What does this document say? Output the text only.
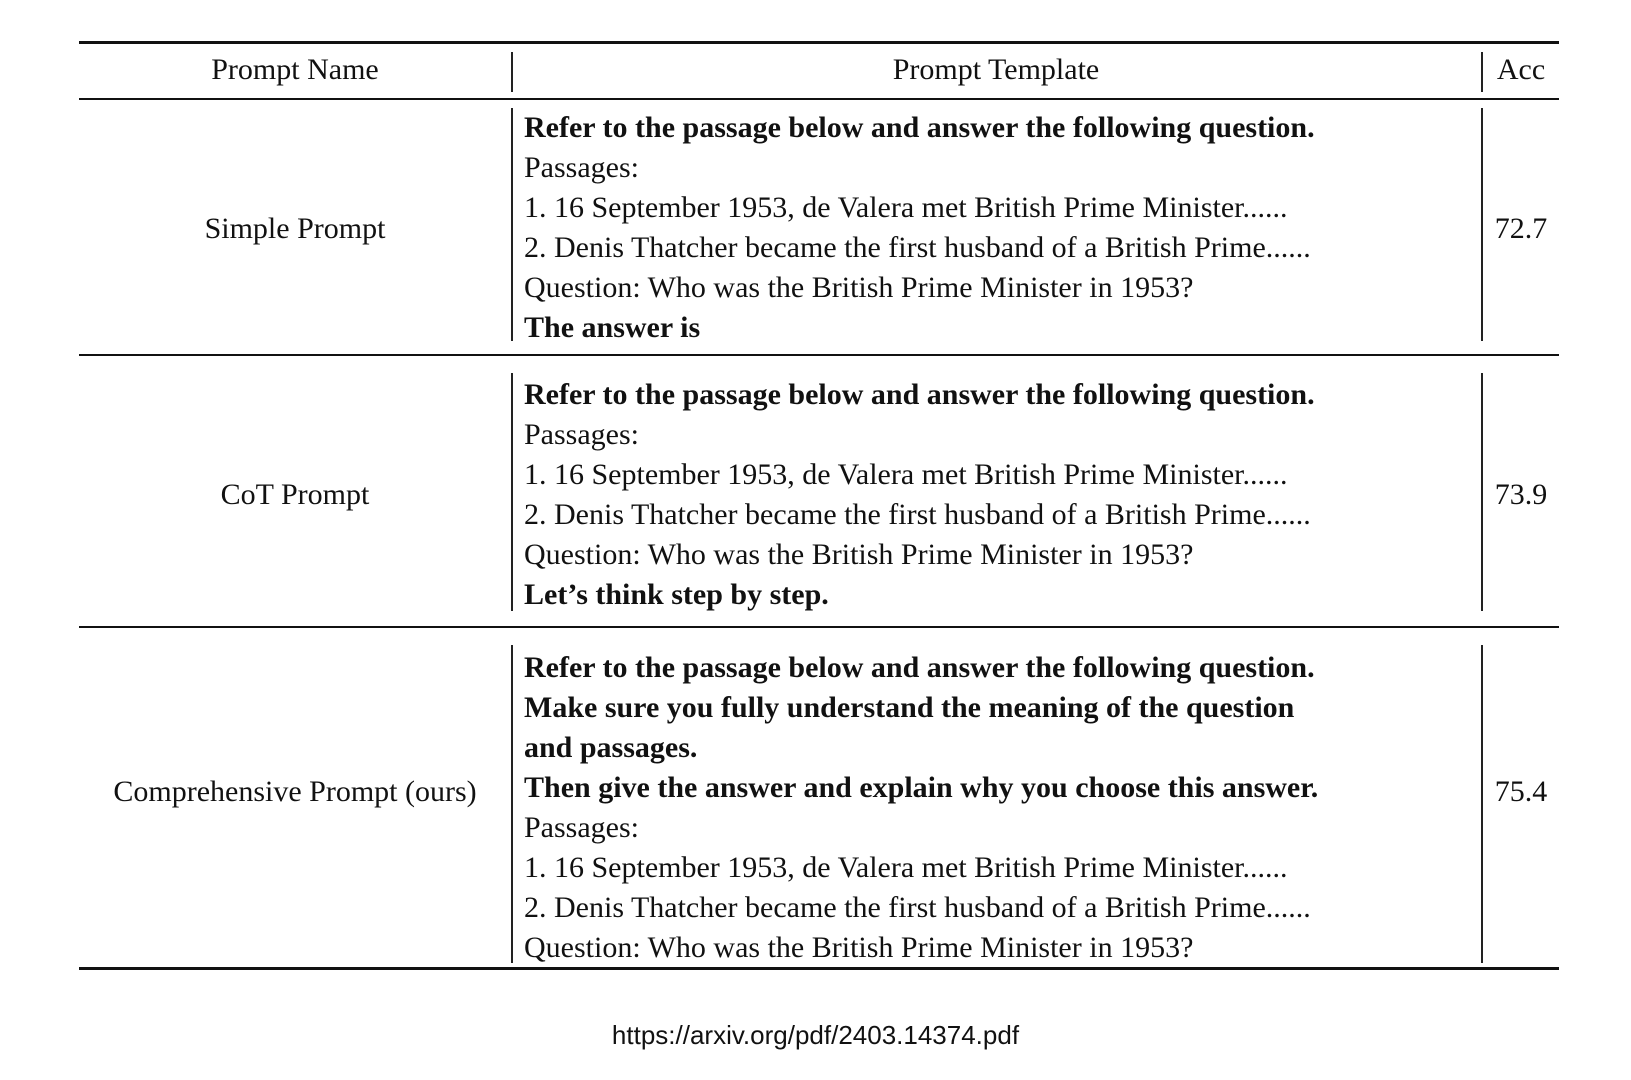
Prompt Name	Prompt Template	Acc
Simple Prompt
Refer to the passage below and answer the following question.
Passages:
1. 16 September 1953, de Valera met British Prime Minister......
2. Denis Thatcher became the first husband of a British Prime......
Question: Who was the British Prime Minister in 1953?
The answer is
72.7
CoT Prompt
Refer to the passage below and answer the following question.
Passages:
1. 16 September 1953, de Valera met British Prime Minister......
2. Denis Thatcher became the first husband of a British Prime......
Question: Who was the British Prime Minister in 1953?
Let’s think step by step.
73.9
Comprehensive Prompt (ours)
Refer to the passage below and answer the following question.
Make sure you fully understand the meaning of the question
and passages.
Then give the answer and explain why you choose this answer.
Passages:
1. 16 September 1953, de Valera met British Prime Minister......
2. Denis Thatcher became the first husband of a British Prime......
Question: Who was the British Prime Minister in 1953?
75.4
https://arxiv.org/pdf/2403.14374.pdf
